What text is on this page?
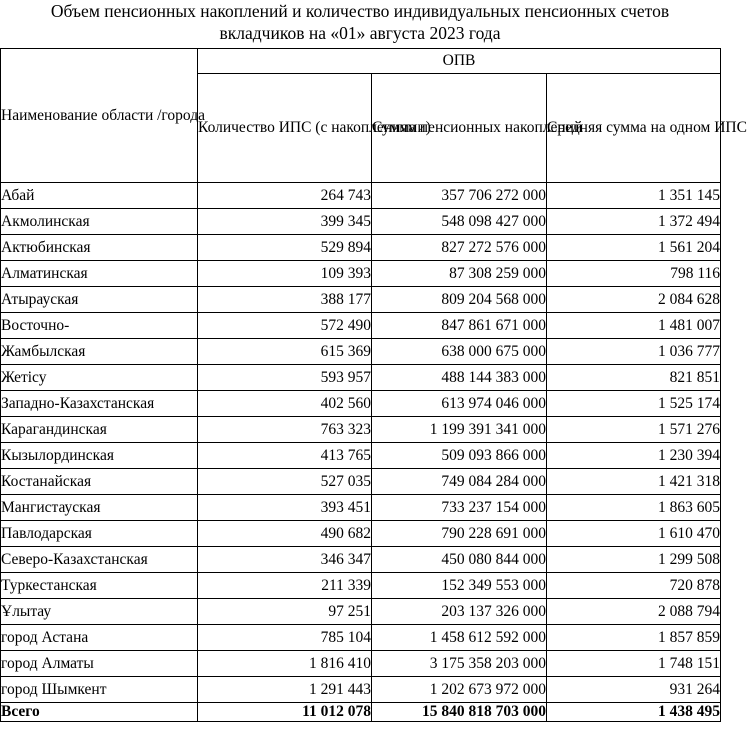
Объем пенсионных накоплений и количество индивидуальных пенсионных счетов
вкладчиков на «01» августа 2023 года
Наименование области /города	ОПВ		
	Количество ИПС (с накоплениями)	Сумма пенсионных накоплений	Средняя сумма на одном ИПС
Абай	264 743	357 706 272 000	1 351 145
Акмолинская	399 345	548 098 427 000	1 372 494
Актюбинская	529 894	827 272 576 000	1 561 204
Алматинская	109 393	87 308 259 000	798 116
Атырауская	388 177	809 204 568 000	2 084 628
Восточно-	572 490	847 861 671 000	1 481 007
Жамбылская	615 369	638 000 675 000	1 036 777
Жетісу	593 957	488 144 383 000	821 851
Западно-Казахстанская	402 560	613 974 046 000	1 525 174
Карагандинская	763 323	1 199 391 341 000	1 571 276
Кызылординская	413 765	509 093 866 000	1 230 394
Костанайская	527 035	749 084 284 000	1 421 318
Мангистауская	393 451	733 237 154 000	1 863 605
Павлодарская	490 682	790 228 691 000	1 610 470
Северо-Казахстанская	346 347	450 080 844 000	1 299 508
Туркестанская	211 339	152 349 553 000	720 878
Ұлытау	97 251	203 137 326 000	2 088 794
город Астана	785 104	1 458 612 592 000	1 857 859
город Алматы	1 816 410	3 175 358 203 000	1 748 151
город Шымкент	1 291 443	1 202 673 972 000	931 264
Всего	11 012 078	15 840 818 703 000	1 438 495
